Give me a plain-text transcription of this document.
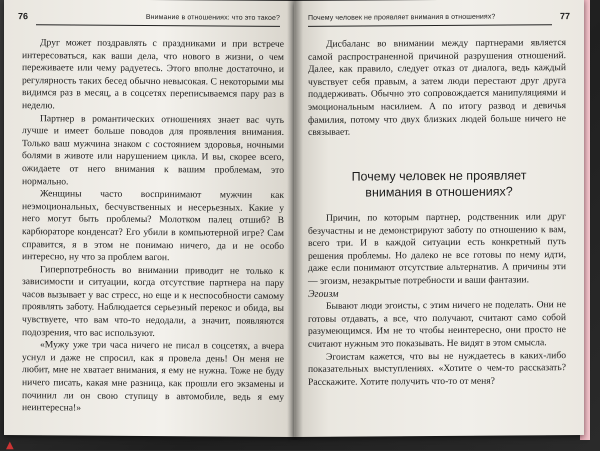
76	Внимание в отношениях: что это такое?

Друг может поздравлять с праздниками и при встрече интересоваться, как ваши дела, что нового в жизни, о чем переживаете или чему радуетесь. Этого вполне достаточно, и регулярность таких бесед обычно невысокая. С некоторыми мы видимся раз в месяц, а в соцсетях переписываемся пару раз в неделю.

Партнер в романтических отношениях знает вас чуть лучше и имеет больше поводов для проявления внимания. Только ваш мужчина знаком с состоянием здоровья, ночными болями в животе или нарушением цикла. И вы, скорее всего, ожидаете от него внимания к вашим проблемам, это нормально.

Женщины часто воспринимают мужчин как неэмоциональных, бесчувственных и несерьезных. Какие у него могут быть проблемы? Молотком палец отшиб? В карбюраторе конденсат? Его убили в компьютерной игре? Сам справится, я в этом не понимаю ничего, да и не особо интересно, ну что за проблем вагон.

Гиперпотребность во внимании приводит не только к зависимости и ситуации, когда отсутствие партнера на пару часов вызывает у вас стресс, но еще и к неспособности самому проявлять заботу. Наблюдается серьезный перекос и обида, вы чувствуете, что вам что-то недодали, а значит, появляются подозрения, что вас используют.

«Мужу уже три часа ничего не писал в соцсетях, а вчера уснул и даже не спросил, как я провела день! Он меня не любит, мне не хватает внимания, я ему не нужна. Тоже не буду ничего писать, какая мне разница, как прошли его экзамены и починил ли он свою ступицу в автомобиле, ведь я ему неинтересна!»

Почему человек не проявляет внимания в отношениях?	77

Дисбаланс во внимании между партнерами является самой распространенной причиной разрушения отношений. Далее, как правило, следует отказ от диалога, ведь каждый чувствует себя правым, а затем люди перестают друг друга поддерживать. Обычно это сопровождается манипуляциями и эмоциональным насилием. А по итогу развод и девичья фамилия, потому что двух близких людей больше ничего не связывает.

Почему человек не проявляет внимания в отношениях?

Причин, по которым партнер, родственник или друг безучастны и не демонстрируют заботу по отношению к вам, всего три. И в каждой ситуации есть конкретный путь решения проблемы. Но далеко не все готовы по нему идти, даже если понимают отсутствие альтернатив. А причины эти — эгоизм, незакрытые потребности и ваши фантазии.

Эгоизм

Бывают люди эгоисты, с этим ничего не поделать. Они не готовы отдавать, а все, что получают, считают само собой разумеющимся. Им не то чтобы неинтересно, они просто не считают нужным это показывать. Не видят в этом смысла.

Эгоистам кажется, что вы не нуждаетесь в каких-либо показательных выступлениях. «Хотите о чем-то рассказать? Расскажите. Хотите получить что-то от меня?

▲
